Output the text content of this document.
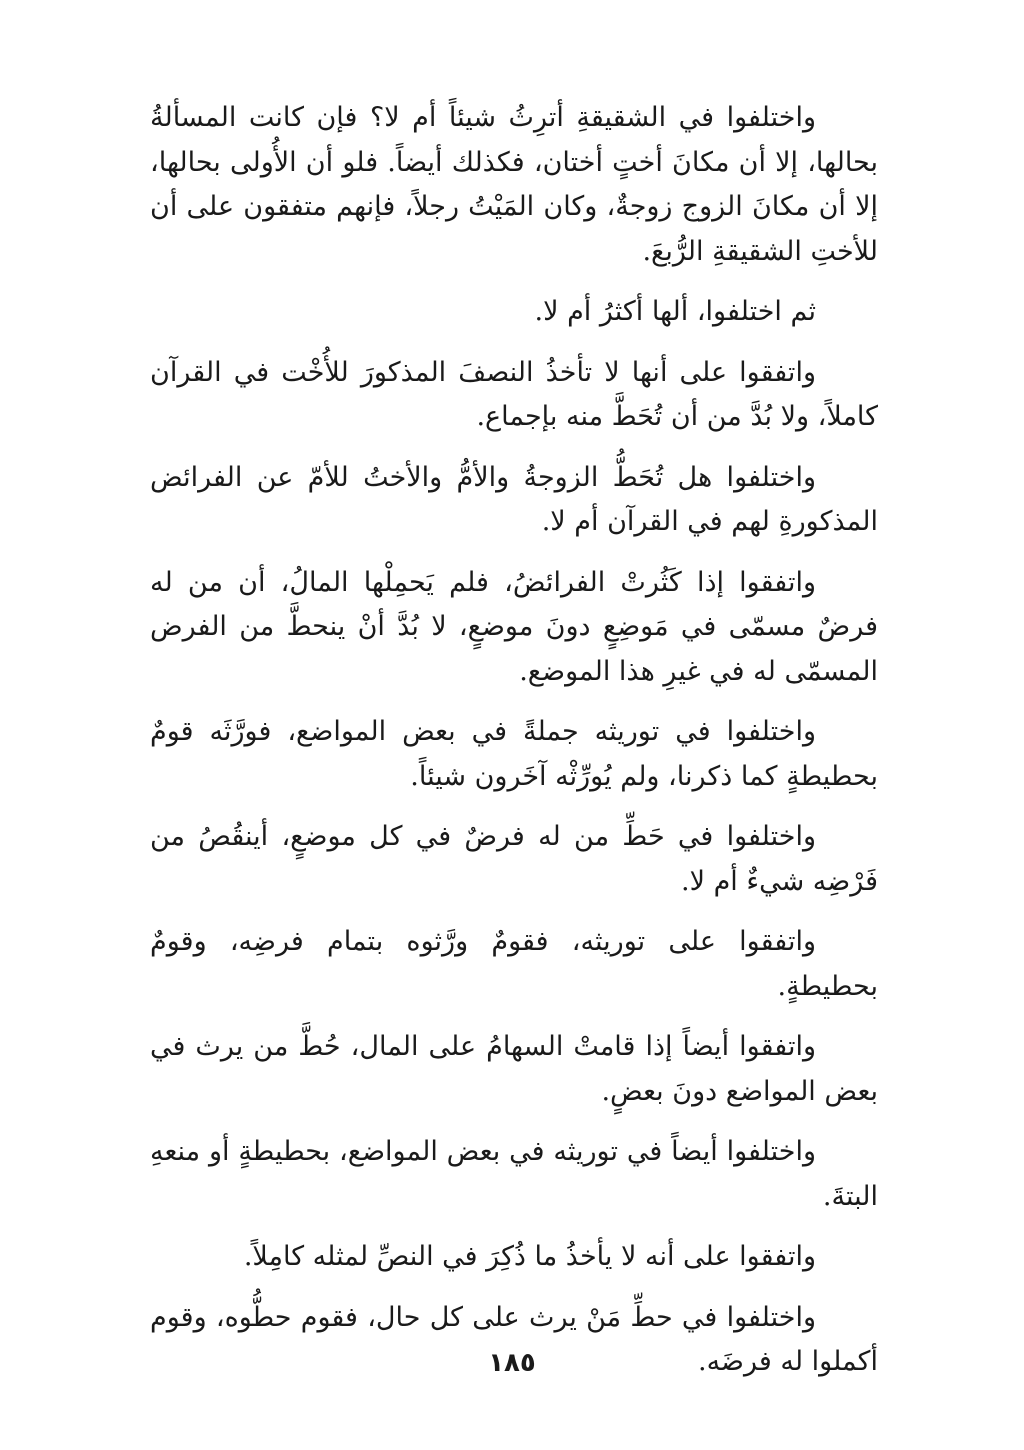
واختلفوا في الشقيقةِ أترِثُ شيئاً أم لا؟ فإن كانت المسألةُ بحالها، إلا أن مكانَ أختٍ أختان، فكذلك أيضاً. فلو أن الأُولى بحالها، إلا أن مكانَ الزوج زوجةٌ، وكان المَيْتُ رجلاً، فإنهم متفقون على أن للأختِ الشقيقةِ الرُّبعَ.

ثم اختلفوا، ألها أكثرُ أم لا.

واتفقوا على أنها لا تأخذُ النصفَ المذكورَ للأُخْت في القرآن كاملاً، ولا بُدَّ من أن تُحَطَّ منه بإجماع.

واختلفوا هل تُحَطُّ الزوجةُ والأمُّ والأختُ للأمّ عن الفرائض المذكورةِ لهم في القرآن أم لا.

واتفقوا إذا كَثُرتْ الفرائضُ، فلم يَحمِلْها المالُ، أن من له فرضٌ مسمّى في مَوضِعٍ دونَ موضعٍ، لا بُدَّ أنْ ينحطَّ من الفرض المسمّى له في غيرِ هذا الموضع.

واختلفوا في توريثه جملةً في بعض المواضع، فورَّثَه قومٌ بحطيطةٍ كما ذكرنا، ولم يُورِّثْه آخَرون شيئاً.

واختلفوا في حَطِّ من له فرضٌ في كل موضعٍ، أينقُصُ من فَرْضِه شيءٌ أم لا.

واتفقوا على توريثه، فقومٌ ورَّثوه بتمام فرضِه، وقومٌ بحطيطةٍ.

واتفقوا أيضاً إذا قامتْ السهامُ على المال، حُطَّ من يرث في بعض المواضع دونَ بعضٍ.

واختلفوا أيضاً في توريثه في بعض المواضع، بحطيطةٍ أو منعهِ البتةَ.

واتفقوا على أنه لا يأخذُ ما ذُكِرَ في النصِّ لمثله كامِلاً.

واختلفوا في حطِّ مَنْ يرث على كل حال، فقوم حطُّوه، وقوم أكملوا له فرضَه.

١٨٥
